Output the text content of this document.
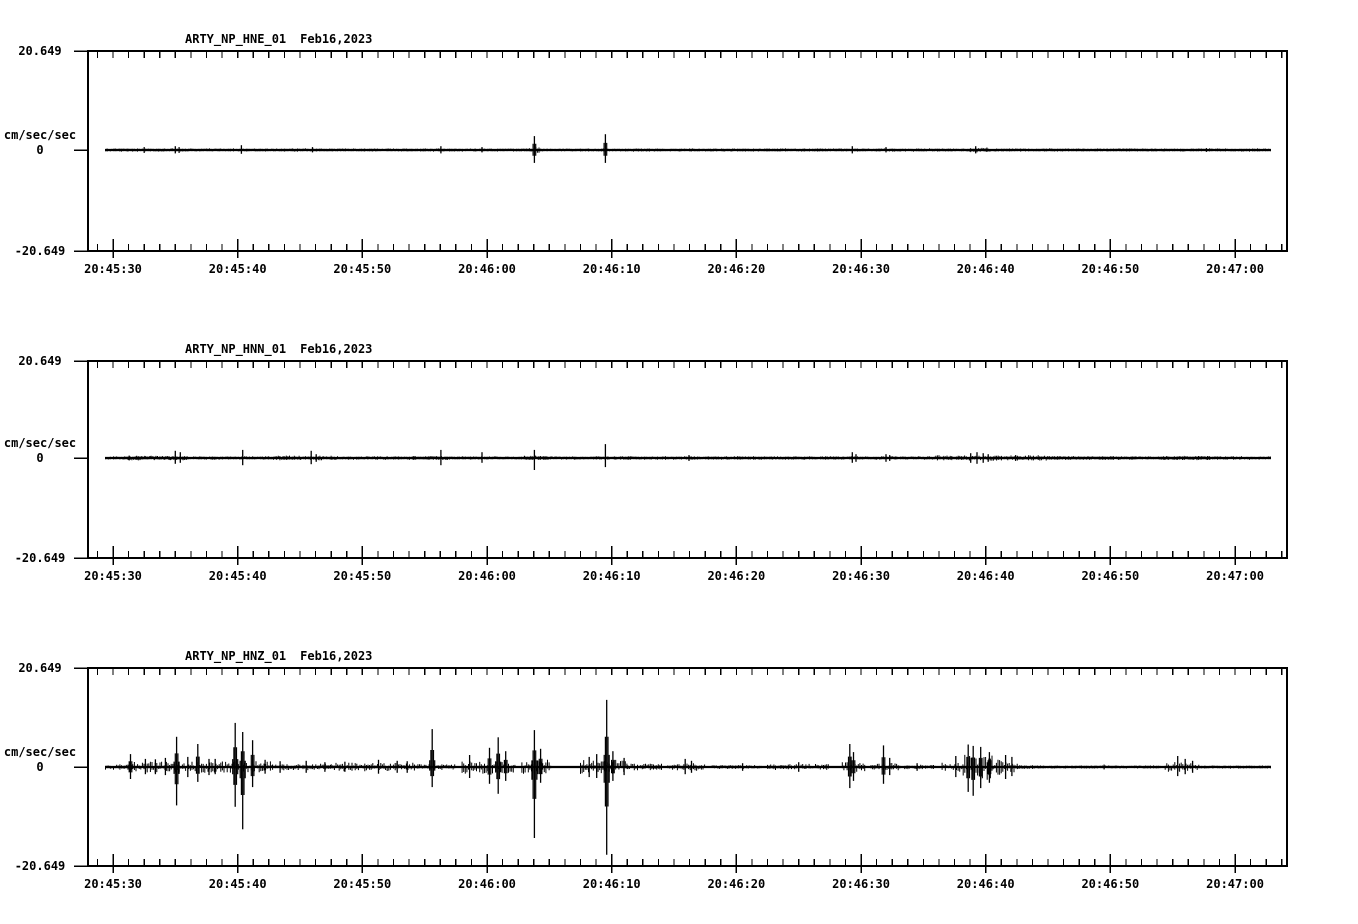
ARTY_NP_HNE_01 Feb16,2023
20.649
cm/sec/sec
0
-20.649
20:45:30	20:45:40	20:45:50	20:46:00	20:46:10	20:46:20	20:46:30	20:46:40	20:46:50	20:47:00
ARTY_NP_HNN_01 Feb16,2023
20.649
cm/sec/sec
0
-20.649
20:45:30	20:45:40	20:45:50	20:46:00	20:46:10	20:46:20	20:46:30	20:46:40	20:46:50	20:47:00
ARTY_NP_HNZ_01 Feb16,2023
20.649
cm/sec/sec
0
-20.649
20:45:30	20:45:40	20:45:50	20:46:00	20:46:10	20:46:20	20:46:30	20:46:40	20:46:50	20:47:00
